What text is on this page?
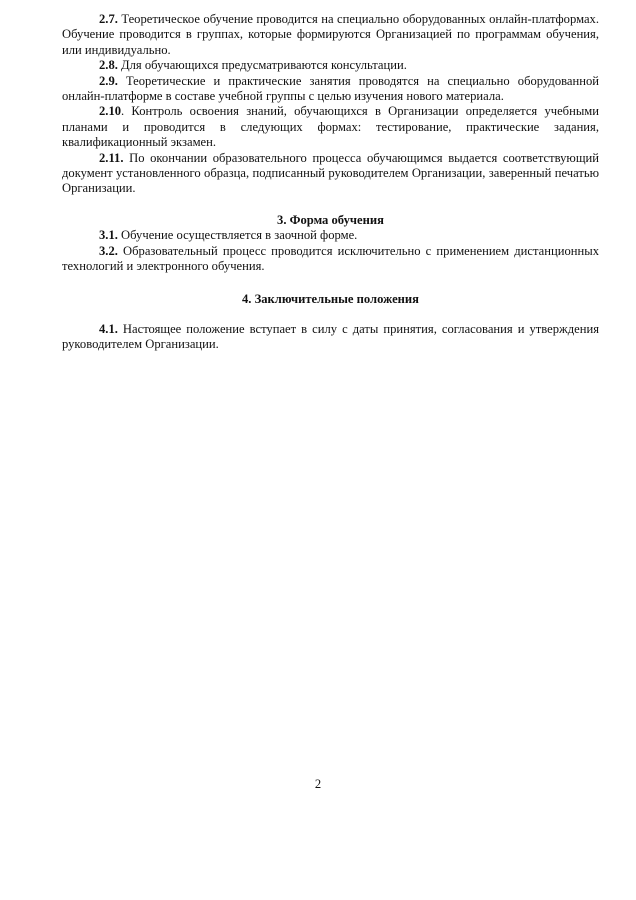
2.7. Теоретическое обучение проводится на специально оборудованных онлайн-платформах. Обучение проводится в группах, которые формируются Организацией по программам обучения, или индивидуально.

2.8. Для обучающихся предусматриваются консультации.

2.9. Теоретические и практические занятия проводятся на специально оборудованной онлайн-платформе в составе учебной группы с целью изучения нового материала.

2.10. Контроль освоения знаний, обучающихся в Организации определяется учебными планами и проводится в следующих формах: тестирование, практические задания, квалификационный экзамен.

2.11. По окончании образовательного процесса обучающимся выдается соответствующий документ установленного образца, подписанный руководителем Организации, заверенный печатью Организации.

3. Форма обучения

3.1. Обучение осуществляется в заочной форме.

3.2. Образовательный процесс проводится исключительно с применением дистанционных технологий и электронного обучения.

4. Заключительные положения

4.1. Настоящее положение вступает в силу с даты принятия, согласования и утверждения руководителем Организации.

2
